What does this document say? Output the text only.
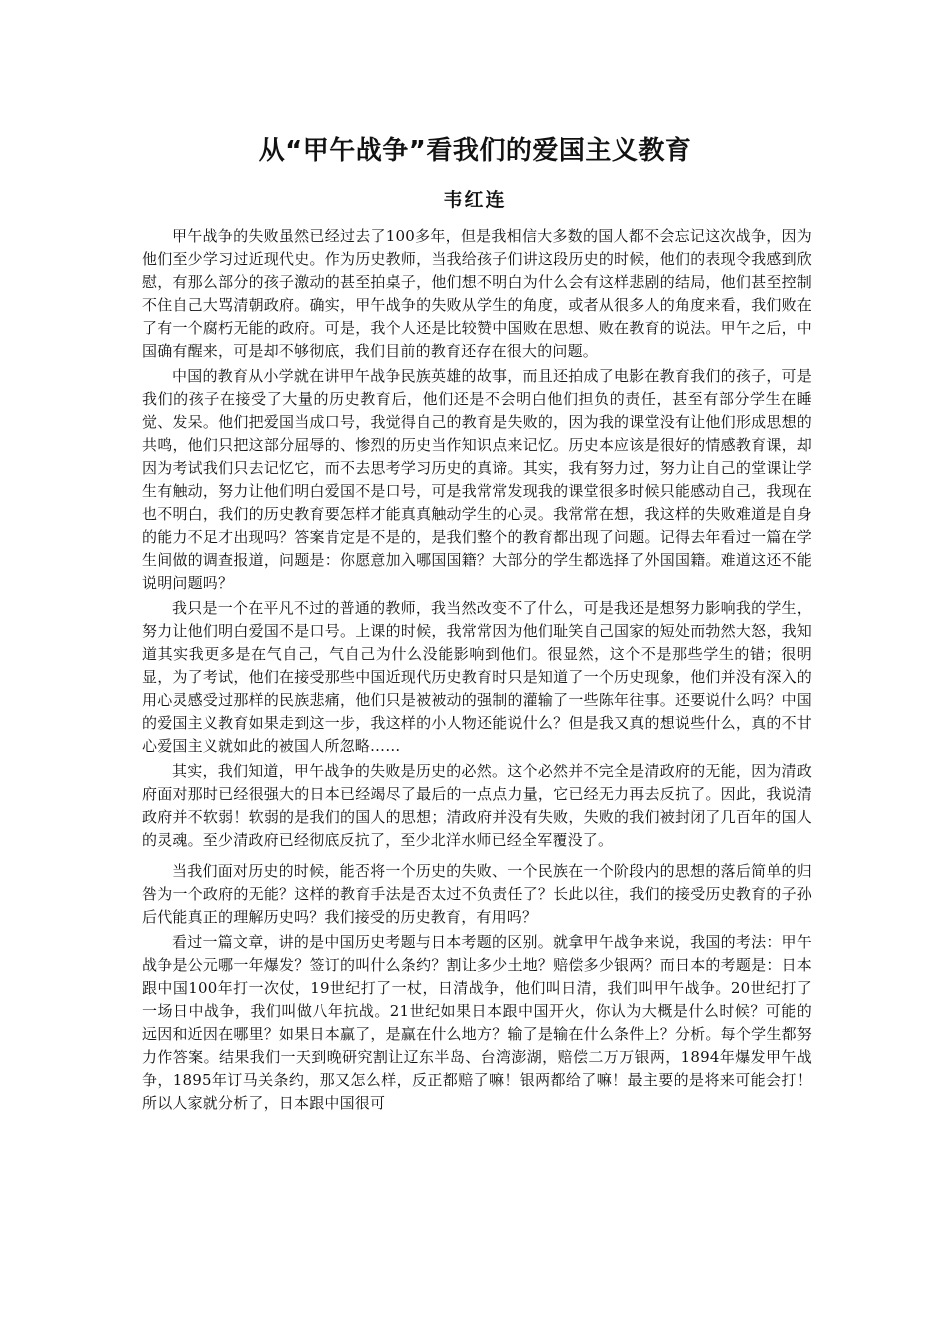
从“甲午战争”看我们的爱国主义教育
韦红连

甲午战争的失败虽然已经过去了100多年，但是我相信大多数的国人都不会忘记这次战争，因为他们至少学习过近现代史。作为历史教师，当我给孩子们讲这段历史的时候，他们的表现令我感到欣慰，有那么部分的孩子激动的甚至拍桌子，他们想不明白为什么会有这样悲剧的结局，他们甚至控制不住自己大骂清朝政府。确实，甲午战争的失败从学生的角度，或者从很多人的角度来看，我们败在了有一个腐朽无能的政府。可是，我个人还是比较赞中国败在思想、败在教育的说法。甲午之后，中国确有醒来，可是却不够彻底，我们目前的教育还存在很大的问题。

中国的教育从小学就在讲甲午战争民族英雄的故事，而且还拍成了电影在教育我们的孩子，可是我们的孩子在接受了大量的历史教育后，他们还是不会明白他们担负的责任，甚至有部分学生在睡觉、发呆。他们把爱国当成口号，我觉得自己的教育是失败的，因为我的课堂没有让他们形成思想的共鸣，他们只把这部分屈辱的、惨烈的历史当作知识点来记忆。历史本应该是很好的情感教育课，却因为考试我们只去记忆它，而不去思考学习历史的真谛。其实，我有努力过，努力让自己的堂课让学生有触动，努力让他们明白爱国不是口号，可是我常常发现我的课堂很多时候只能感动自己，我现在也不明白，我们的历史教育要怎样才能真真触动学生的心灵。我常常在想，我这样的失败难道是自身的能力不足才出现吗？答案肯定是不是的，是我们整个的教育都出现了问题。记得去年看过一篇在学生间做的调查报道，问题是：你愿意加入哪国国籍？大部分的学生都选择了外国国籍。难道这还不能说明问题吗？

我只是一个在平凡不过的普通的教师，我当然改变不了什么，可是我还是想努力影响我的学生，努力让他们明白爱国不是口号。上课的时候，我常常因为他们耻笑自己国家的短处而勃然大怒，我知道其实我更多是在气自己，气自己为什么没能影响到他们。很显然，这个不是那些学生的错；很明显，为了考试，他们在接受那些中国近现代历史教育时只是知道了一个历史现象，他们并没有深入的用心灵感受过那样的民族悲痛，他们只是被被动的强制的灌输了一些陈年往事。还要说什么吗？中国的爱国主义教育如果走到这一步，我这样的小人物还能说什么？但是我又真的想说些什么，真的不甘心爱国主义就如此的被国人所忽略……

其实，我们知道，甲午战争的失败是历史的必然。这个必然并不完全是清政府的无能，因为清政府面对那时已经很强大的日本已经竭尽了最后的一点点力量，它已经无力再去反抗了。因此，我说清政府并不软弱！软弱的是我们的国人的思想；清政府并没有失败，失败的我们被封闭了几百年的国人的灵魂。至少清政府已经彻底反抗了，至少北洋水师已经全军覆没了。

当我们面对历史的时候，能否将一个历史的失败、一个民族在一个阶段内的思想的落后简单的归咎为一个政府的无能？这样的教育手法是否太过不负责任了？长此以往，我们的接受历史教育的子孙后代能真正的理解历史吗？我们接受的历史教育，有用吗？

看过一篇文章，讲的是中国历史考题与日本考题的区别。就拿甲午战争来说，我国的考法：甲午战争是公元哪一年爆发？签订的叫什么条约？割让多少土地？赔偿多少银两？而日本的考题是：日本跟中国100年打一次仗，19世纪打了一杖，日清战争，他们叫日清，我们叫甲午战争。20世纪打了一场日中战争，我们叫做八年抗战。21世纪如果日本跟中国开火，你认为大概是什么时候？可能的远因和近因在哪里？如果日本赢了，是赢在什么地方？输了是输在什么条件上？分析。每个学生都努力作答案。结果我们一天到晚研究割让辽东半岛、台湾澎湖，赔偿二万万银两，1894年爆发甲午战争，1895年订马关条约，那又怎么样，反正都赔了嘛！银两都给了嘛！最主要的是将来可能会打！所以人家就分析了，日本跟中国很可
